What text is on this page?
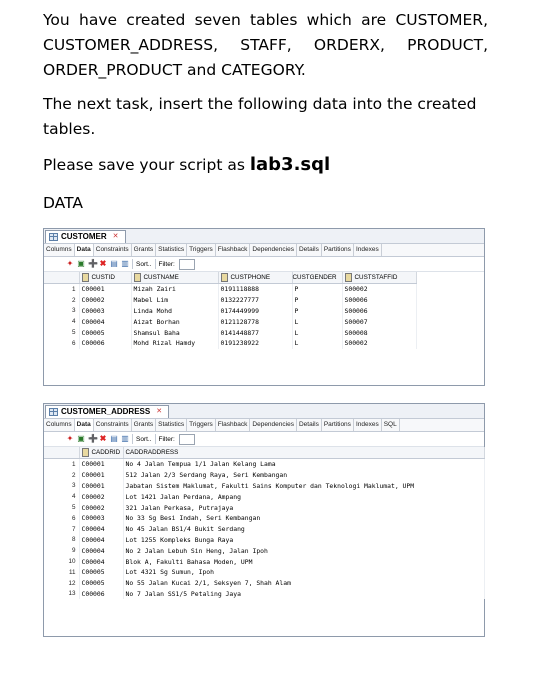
You have created seven tables which are CUSTOMER,
CUSTOMER_ADDRESS, STAFF, ORDERX, PRODUCT,
ORDER_PRODUCT and CATEGORY.
The next task, insert the following data into the created
tables.
Please save your script as lab3.sql
DATA
CUSTOMER ✕
Columns Data Constraints Grants Statistics Triggers Flashback Dependencies Details Partitions Indexes
✦ ▣ ➕ ✖ ▤ ▥ Sort.. Filter:
	CUSTID	CUSTNAME	CUSTPHONE	CUSTGENDER	CUSTSTAFFID
1	C00001	Mizah Zairi	0191118888	P	S00002
2	C00002	Mabel Lim	0132227777	P	S00006
3	C00003	Linda Mohd	0174449999	P	S00006
4	C00004	Aizat Borhan	0121128778	L	S00007
5	C00005	Shamsul Baha	0141448877	L	S00008
6	C00006	Mohd Rizal Hamdy	0191238922	L	S00002
CUSTOMER_ADDRESS ✕
Columns Data Constraints Grants Statistics Triggers Flashback Dependencies Details Partitions Indexes SQL
✦ ▣ ➕ ✖ ▤ ▥ Sort.. Filter:
	CADDRID	CADDRADDRESS
1	C00001	No 4 Jalan Tempua 1/1 Jalan Kelang Lama
2	C00001	512 Jalan 2/3 Serdang Raya, Seri Kembangan
3	C00001	Jabatan Sistem Maklumat, Fakulti Sains Komputer dan Teknologi Maklumat, UPM
4	C00002	Lot 1421 Jalan Perdana, Ampang
5	C00002	321 Jalan Perkasa, Putrajaya
6	C00003	No 33 Sg Besi Indah, Seri Kembangan
7	C00004	No 45 Jalan BS1/4 Bukit Serdang
8	C00004	Lot 1255 Kompleks Bunga Raya
9	C00004	No 2 Jalan Lebuh Sin Heng, Jalan Ipoh
10	C00004	Blok A, Fakulti Bahasa Moden, UPM
11	C00005	Lot 4321 Sg Sumun, Ipoh
12	C00005	No 55 Jalan Kucai 2/1, Seksyen 7, Shah Alam
13	C00006	No 7 Jalan SS1/5 Petaling Jaya
